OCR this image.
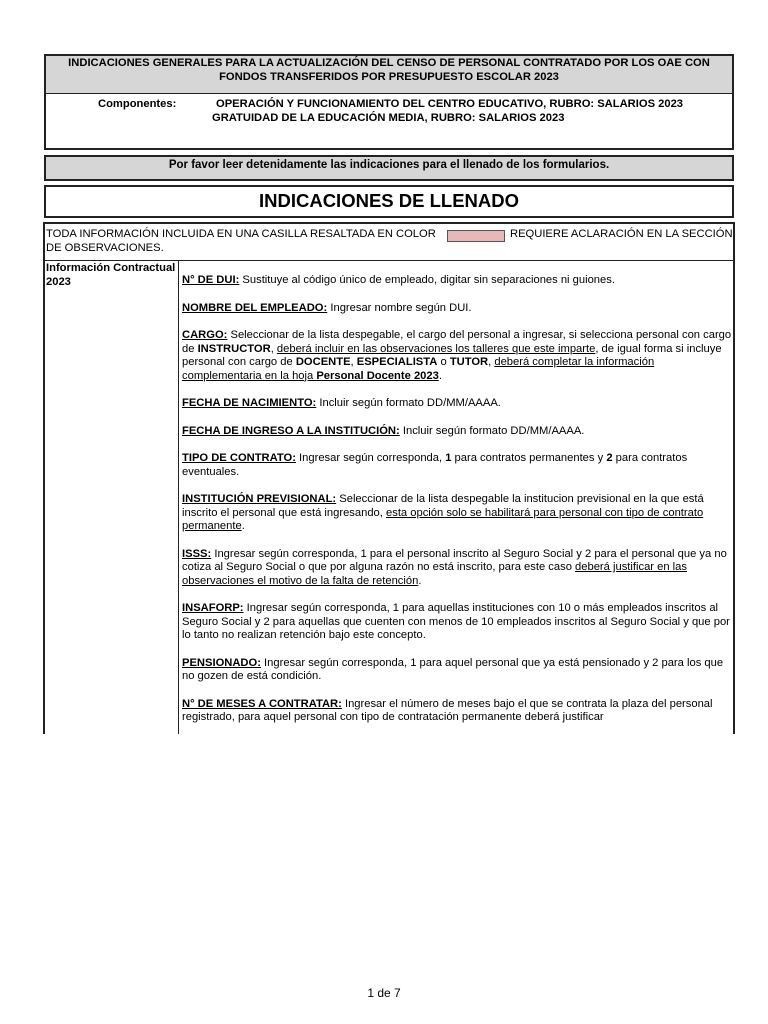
INDICACIONES GENERALES PARA LA ACTUALIZACIÓN DEL CENSO DE PERSONAL CONTRATADO POR LOS OAE CON FONDOS TRANSFERIDOS POR PRESUPUESTO ESCOLAR 2023
Componentes:	OPERACIÓN Y FUNCIONAMIENTO DEL CENTRO EDUCATIVO, RUBRO: SALARIOS 2023
GRATUIDAD DE LA EDUCACIÓN MEDIA, RUBRO: SALARIOS 2023
Por favor leer detenidamente las indicaciones para el llenado de los formularios.
INDICACIONES DE LLENADO
TODA INFORMACIÓN INCLUIDA EN UNA CASILLA RESALTADA EN COLOR	REQUIERE ACLARACIÓN EN LA SECCIÓN
DE OBSERVACIONES.
Información Contractual 2023	N° DE DUI: Sustituye al código único de empleado, digitar sin separaciones ni guiones.

NOMBRE DEL EMPLEADO: Ingresar nombre según DUI.

CARGO: Seleccionar de la lista despegable, el cargo del personal a ingresar, si selecciona personal con cargo de INSTRUCTOR, deberá incluir en las observaciones los talleres que este imparte, de igual forma si incluye personal con cargo de DOCENTE, ESPECIALISTA o TUTOR, deberá completar la información complementaria en la hoja Personal Docente 2023.

FECHA DE NACIMIENTO: Incluir según formato DD/MM/AAAA.

FECHA DE INGRESO A LA INSTITUCIÓN: Incluir según formato DD/MM/AAAA.

TIPO DE CONTRATO: Ingresar según corresponda, 1 para contratos permanentes y 2 para contratos eventuales.

INSTITUCIÓN PREVISIONAL: Seleccionar de la lista despegable la institucion previsional en la que está inscrito el personal que está ingresando, esta opción solo se habilitará para personal con tipo de contrato permanente.

ISSS: Ingresar según corresponda, 1 para el personal inscrito al Seguro Social y 2 para el personal que ya no cotiza al Seguro Social o que por alguna razón no está inscrito, para este caso deberá justificar en las observaciones el motivo de la falta de retención.

INSAFORP: Ingresar según corresponda, 1 para aquellas instituciones con 10 o más empleados inscritos al Seguro Social y 2 para aquellas que cuenten con menos de 10 empleados inscritos al Seguro Social y que por lo tanto no realizan retención bajo este concepto.

PENSIONADO: Ingresar según corresponda, 1 para aquel personal que ya está pensionado y 2 para los que no gozen de está condición.

N° DE MESES A CONTRATAR: Ingresar el número de meses bajo el que se contrata la plaza del personal registrado, para aquel personal con tipo de contratación permanente deberá justificar

1 de 7
